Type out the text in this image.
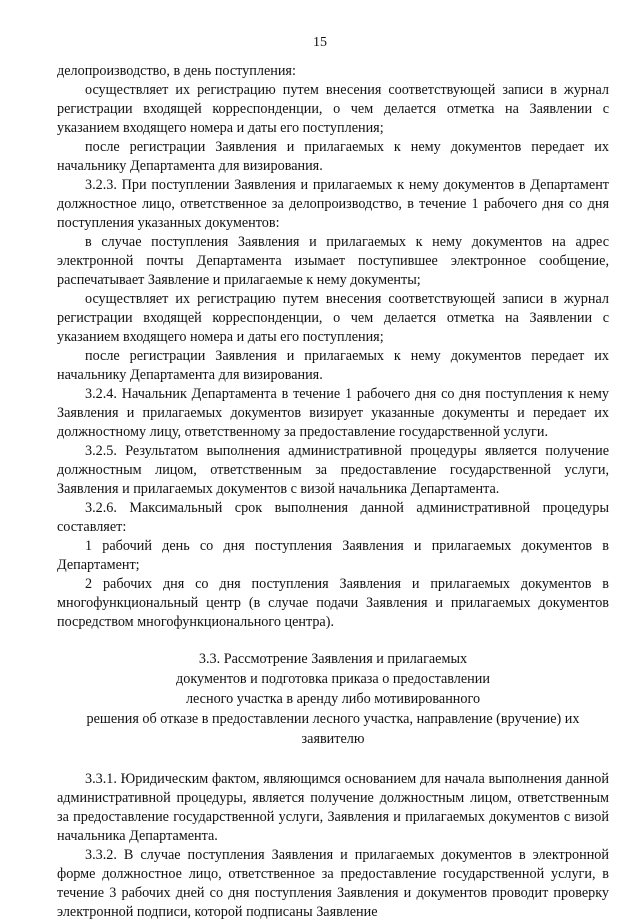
15

делопроизводство, в день поступления:

осуществляет их регистрацию путем внесения соответствующей записи в журнал регистрации входящей корреспонденции, о чем делается отметка на Заявлении с указанием входящего номера и даты его поступления;

после регистрации Заявления и прилагаемых к нему документов передает их начальнику Департамента для визирования.

3.2.3. При поступлении Заявления и прилагаемых к нему документов в Департамент должностное лицо, ответственное за делопроизводство, в течение 1 рабочего дня со дня поступления указанных документов:

в случае поступления Заявления и прилагаемых к нему документов на адрес электронной почты Департамента изымает поступившее электронное сообщение, распечатывает Заявление и прилагаемые к нему документы;

осуществляет их регистрацию путем внесения соответствующей записи в журнал регистрации входящей корреспонденции, о чем делается отметка на Заявлении с указанием входящего номера и даты его поступления;

после регистрации Заявления и прилагаемых к нему документов передает их начальнику Департамента для визирования.

3.2.4. Начальник Департамента в течение 1 рабочего дня со дня поступления к нему Заявления и прилагаемых документов визирует указанные документы и передает их должностному лицу, ответственному за предоставление государственной услуги.

3.2.5. Результатом выполнения административной процедуры является получение должностным лицом, ответственным за предоставление государственной услуги, Заявления и прилагаемых документов с визой начальника Департамента.

3.2.6. Максимальный срок выполнения данной административной процедуры составляет:

1 рабочий день со дня поступления Заявления и прилагаемых документов в Департамент;

2 рабочих дня со дня поступления Заявления и прилагаемых документов в многофункциональный центр (в случае подачи Заявления и прилагаемых документов посредством многофункционального центра).

3.3. Рассмотрение Заявления и прилагаемых
документов и подготовка приказа о предоставлении
лесного участка в аренду либо мотивированного
решения об отказе в предоставлении лесного участка, направление (вручение) их
заявителю

3.3.1. Юридическим фактом, являющимся основанием для начала выполнения данной административной процедуры, является получение должностным лицом, ответственным за предоставление государственной услуги, Заявления и прилагаемых документов с визой начальника Департамента.

3.3.2. В случае поступления Заявления и прилагаемых документов в электронной форме должностное лицо, ответственное за предоставление государственной услуги, в течение 3 рабочих дней со дня поступления Заявления и документов проводит проверку электронной подписи, которой подписаны Заявление
